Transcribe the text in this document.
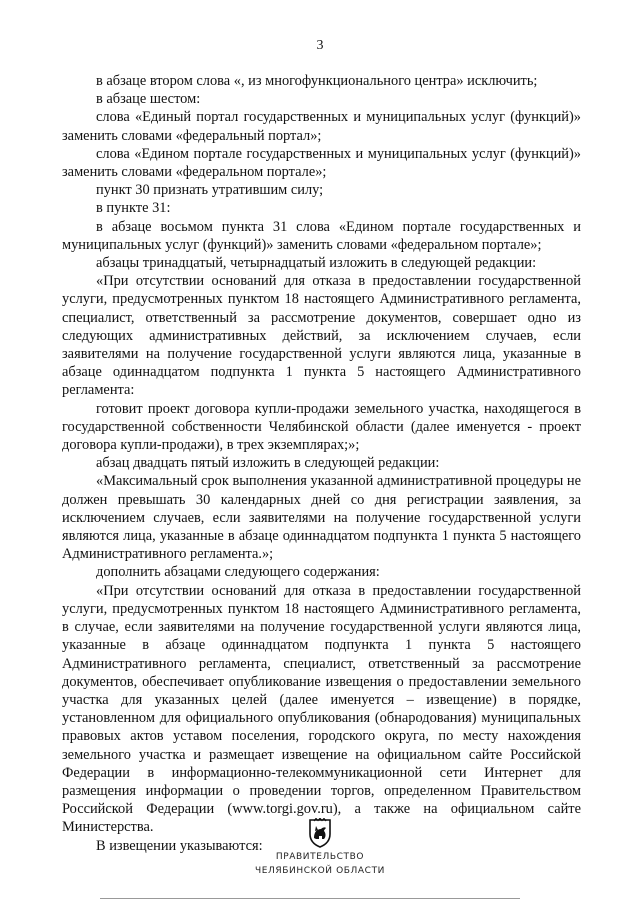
3

в абзаце втором слова «, из многофункционального центра» исключить;

в абзаце шестом:

слова «Единый портал государственных и муниципальных услуг (функций)» заменить словами «федеральный портал»;

слова «Едином портале государственных и муниципальных услуг (функций)» заменить словами «федеральном портале»;

пункт 30 признать утратившим силу;

в пункте 31:

в абзаце восьмом пункта 31 слова «Едином портале государственных и муниципальных услуг (функций)» заменить словами «федеральном портале»;

абзацы тринадцатый, четырнадцатый изложить в следующей редакции:

«При отсутствии оснований для отказа в предоставлении государственной услуги, предусмотренных пунктом 18 настоящего Административного регламента, специалист, ответственный за рассмотрение документов, совершает одно из следующих административных действий, за исключением случаев, если заявителями на получение государственной услуги являются лица, указанные в абзаце одиннадцатом подпункта 1 пункта 5 настоящего Административного регламента:

готовит проект договора купли-продажи земельного участка, находящегося в государственной собственности Челябинской области (далее именуется - проект договора купли-продажи), в трех экземплярах;»;

абзац двадцать пятый изложить в следующей редакции:

«Максимальный срок выполнения указанной административной процедуры не должен превышать 30 календарных дней со дня регистрации заявления, за исключением случаев, если заявителями на получение государственной услуги являются лица, указанные в абзаце одиннадцатом подпункта 1 пункта 5 настоящего Административного регламента.»;

дополнить абзацами следующего содержания:

«При отсутствии оснований для отказа в предоставлении государственной услуги, предусмотренных пунктом 18 настоящего Административного регламента, в случае, если заявителями на получение государственной услуги являются лица, указанные в абзаце одиннадцатом подпункта 1 пункта 5 настоящего Административного регламента, специалист, ответственный за рассмотрение документов, обеспечивает опубликование извещения о предоставлении земельного участка для указанных целей (далее именуется – извещение) в порядке, установленном для официального опубликования (обнародования) муниципальных правовых актов уставом поселения, городского округа, по месту нахождения земельного участка и размещает извещение на официальном сайте Российской Федерации в информационно-телекоммуникационной сети Интернет для размещения информации о проведении торгов, определенном Правительством Российской Федерации (www.torgi.gov.ru), а также на официальном сайте Министерства.

В извещении указываются:

ПРАВИТЕЛЬСТВО
ЧЕЛЯБИНСКОЙ ОБЛАСТИ
